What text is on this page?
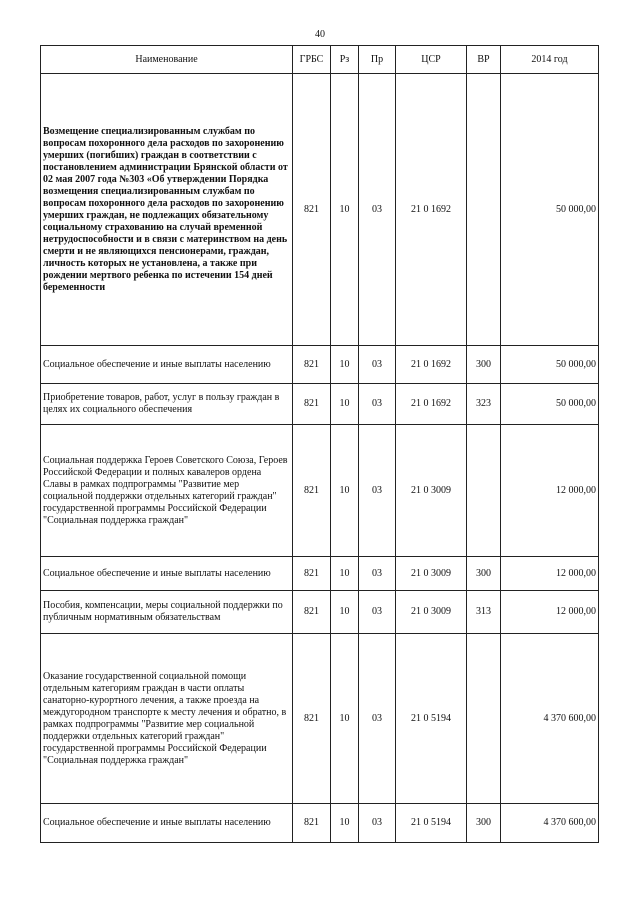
40
Наименование	ГРБС	Рз	Пр	ЦСР	ВР	2014 год
Возмещение специализированным службам по вопросам похоронного дела расходов по захоронению умерших (погибших) граждан в соответствии с постановлением администрации Брянской области от 02 мая 2007 года №303 «Об утверждении Порядка возмещения специализированным службам по вопросам похоронного дела расходов по захоронению умерших граждан, не подлежащих обязательному социальному страхованию на случай временной нетрудоспособности и в связи с материнством на день смерти и не являющихся пенсионерами, граждан, личность которых не установлена, а также при рождении мертвого ребенка по истечении 154 дней беременности	821	10	03	21 0 1692		50 000,00
Социальное обеспечение и иные выплаты населению	821	10	03	21 0 1692	300	50 000,00
Приобретение товаров, работ, услуг в пользу граждан в целях их социального обеспечения	821	10	03	21 0 1692	323	50 000,00
Социальная поддержка Героев Советского Союза, Героев Российской Федерации и полных кавалеров ордена Славы в рамках подпрограммы "Развитие мер социальной поддержки отдельных категорий граждан" государственной программы Российской Федерации "Социальная поддержка граждан"	821	10	03	21 0 3009		12 000,00
Социальное обеспечение и иные выплаты населению	821	10	03	21 0 3009	300	12 000,00
Пособия, компенсации, меры социальной поддержки по публичным нормативным обязательствам	821	10	03	21 0 3009	313	12 000,00
Оказание государственной социальной помощи отдельным категориям граждан в части оплаты санаторно-курортного лечения, а также проезда на междугородном транспорте к месту лечения и обратно, в рамках подпрограммы "Развитие мер социальной поддержки отдельных категорий граждан" государственной программы Российской Федерации "Социальная поддержка граждан"	821	10	03	21 0 5194		4 370 600,00
Социальное обеспечение и иные выплаты населению	821	10	03	21 0 5194	300	4 370 600,00
